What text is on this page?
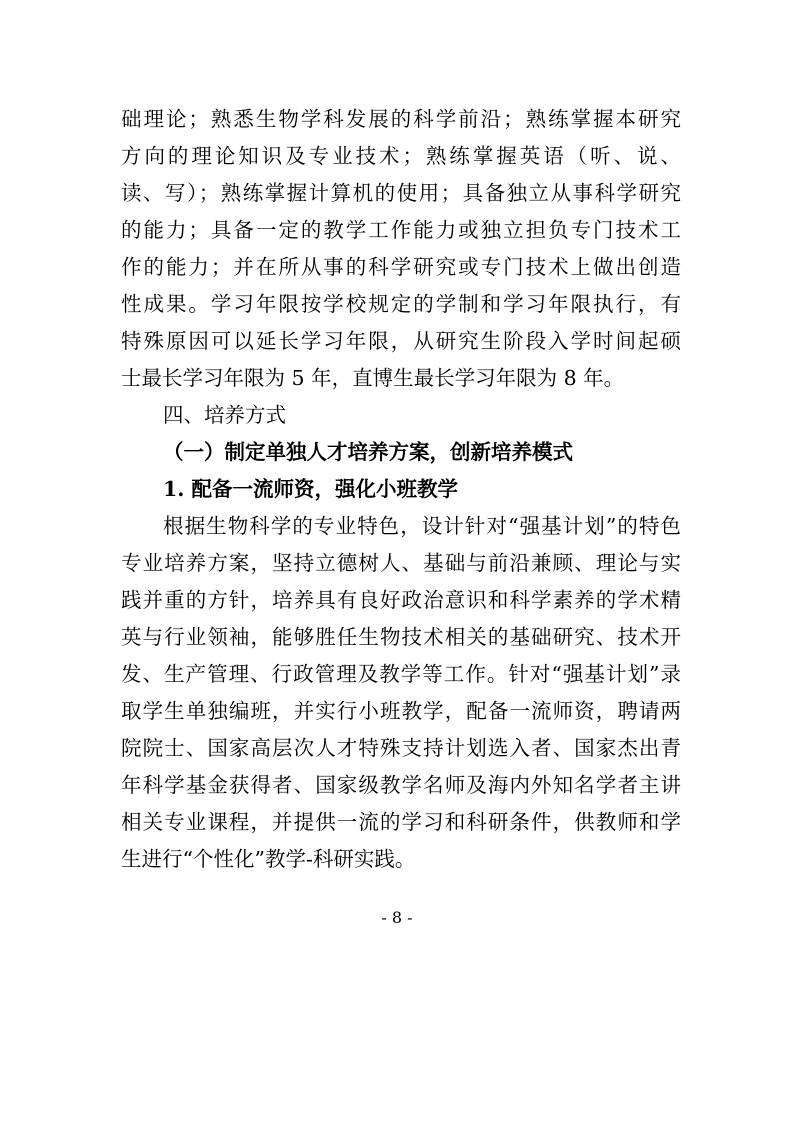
础理论；熟悉生物学科发展的科学前沿；熟练掌握本研究
方向的理论知识及专业技术；熟练掌握英语（听、说、
读、写）；熟练掌握计算机的使用；具备独立从事科学研究
的能力；具备一定的教学工作能力或独立担负专门技术工
作的能力；并在所从事的科学研究或专门技术上做出创造
性成果。学习年限按学校规定的学制和学习年限执行，有
特殊原因可以延长学习年限，从研究生阶段入学时间起硕
士最长学习年限为 5 年，直博生最长学习年限为 8 年。
四、培养方式
（一）制定单独人才培养方案，创新培养模式
1. 配备一流师资，强化小班教学
根据生物科学的专业特色，设计针对“强基计划”的特色
专业培养方案，坚持立德树人、基础与前沿兼顾、理论与实
践并重的方针，培养具有良好政治意识和科学素养的学术精
英与行业领袖，能够胜任生物技术相关的基础研究、技术开
发、生产管理、行政管理及教学等工作。针对“强基计划”录
取学生单独编班，并实行小班教学，配备一流师资，聘请两
院院士、国家高层次人才特殊支持计划选入者、国家杰出青
年科学基金获得者、国家级教学名师及海内外知名学者主讲
相关专业课程，并提供一流的学习和科研条件，供教师和学
生进行“个性化”教学-科研实践。
- 8 -
